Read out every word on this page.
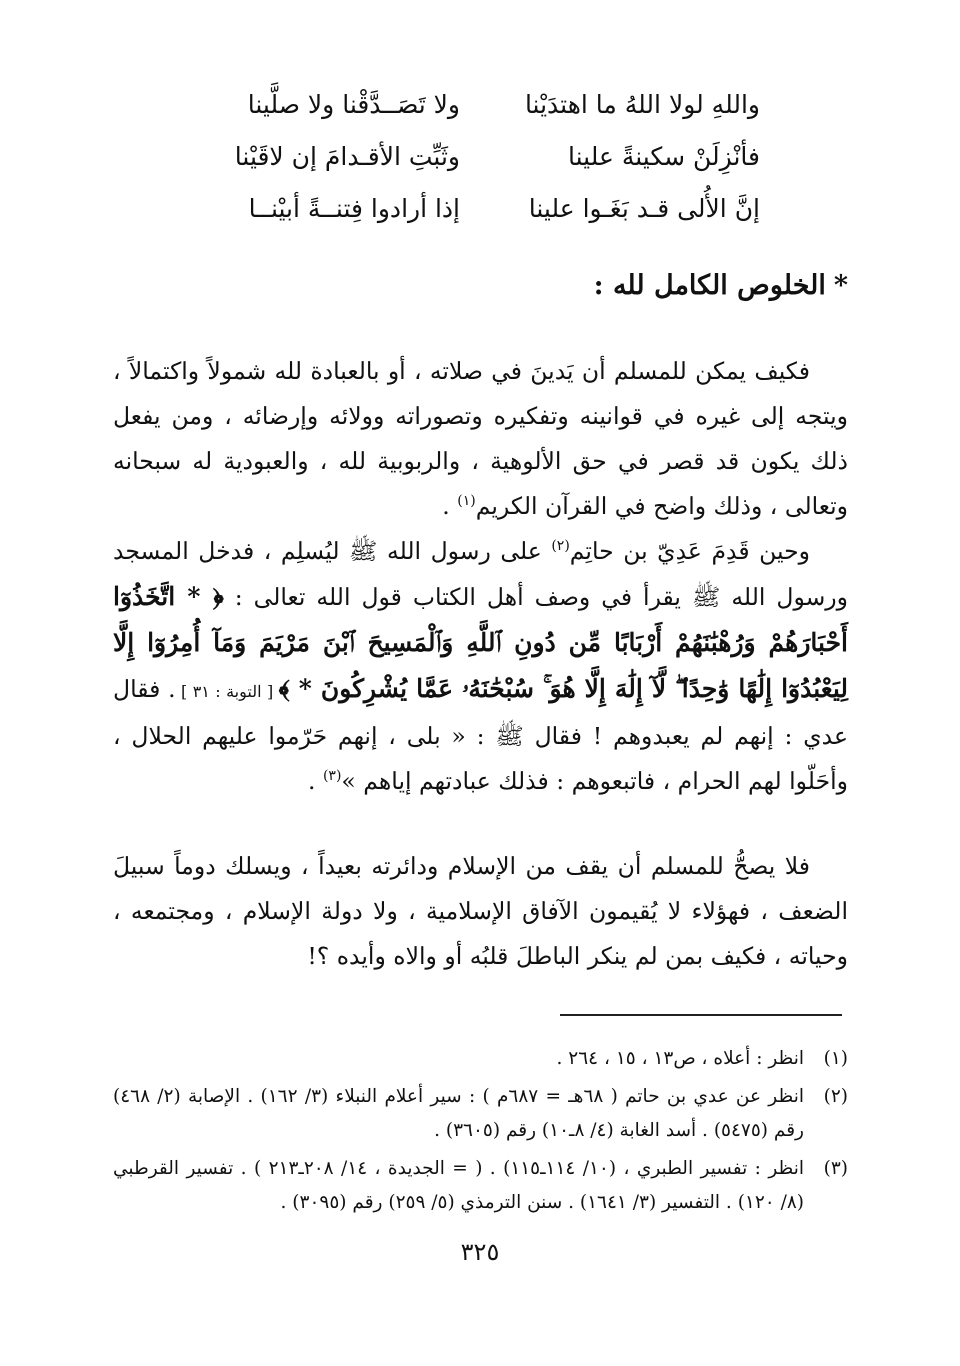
واللهِ لولا اللهُ ما اهتدَيْنا
ولا تَصَــدَّقْنا ولا صلَّينا
فأنْزِلَنْ سكينةً علينا
وثَبِّتِ الأقـدامَ إن لاقَيْنا
إنَّ الأُلى قـد بَغَـوا علينا
إذا أرادوا فِتنــةً أبيْنــا
*الخلوص الكامل لله :

فكيف يمكن للمسلم أن يَدينَ في صلاته ، أو بالعبادة لله شمولاً واكتمالاً ، ويتجه إلى غيره في قوانينه وتفكيره وتصوراته وولائه وإرضائه ، ومن يفعل ذلك يكون قد قصر في حق الألوهية ، والربوبية لله ، والعبودية له سبحانه وتعالى ، وذلك واضح في القرآن الكريم$^{(١)}$ .

وحين قَدِمَ عَدِيّ بن حاتِم$^{(٢)}$ على رسول الله ﷺ ليُسلِم ، فدخل المسجد ورسول الله ﷺ يقرأ في وصف أهل الكتاب قول الله تعالى : ﴿ * اتَّخَذُوٓا أَحْبَارَهُمْ وَرُهْبَٰنَهُمْ أَرْبَابًا مِّن دُونِ ٱللَّهِ وَٱلْمَسِيحَ ٱبْنَ مَرْيَمَ وَمَآ أُمِرُوٓا إِلَّا لِيَعْبُدُوٓا إِلَٰهًا وَٰحِدًا ۖ لَّآ إِلَٰهَ إِلَّا هُوَ ۚ سُبْحَٰنَهُۥ عَمَّا يُشْرِكُونَ * ﴾ [ التوبة : ٣١ ] . فقال عدي : إنهم لم يعبدوهم ! فقال ﷺ : « بلى ، إنهم حَرّموا عليهم الحلال ، وأحَلّوا لهم الحرام ، فاتبعوهم : فذلك عبادتهم إياهم »$^{(٣)}$ .

فلا يصحُّ للمسلم أن يقف من الإسلام ودائرته بعيداً ، ويسلك دوماً سبيلَ الضعف ، فهؤلاء لا يُقيمون الآفاق الإسلامية ، ولا دولة الإسلام ، ومجتمعه ، وحياته ، فكيف بمن لم ينكر الباطلَ قلبُه أو والاه وأيده ؟!

(١)
انظر : أعلاه ، ص١٣ ، ١٥ ، ٢٦٤ .
(٢)
انظر عن عدي بن حاتم ( ٦٨هـ = ٦٨٧م ) : سير أعلام النبلاء (٣/ ١٦٢) . الإصابة (٢/ ٤٦٨) رقم (٥٤٧٥) . أسد الغابة (٤/ ٨ـ١٠) رقم (٣٦٠٥) .
(٣)
انظر : تفسير الطبري ، (١٠/ ١١٤ـ١١٥) . ( = الجديدة ، ١٤/ ٢٠٨ـ٢١٣ ) . تفسير القرطبي (٨/ ١٢٠) . التفسير (٣/ ١٦٤١) . سنن الترمذي (٥/ ٢٥٩) رقم (٣٠٩٥) .
٣٢٥
